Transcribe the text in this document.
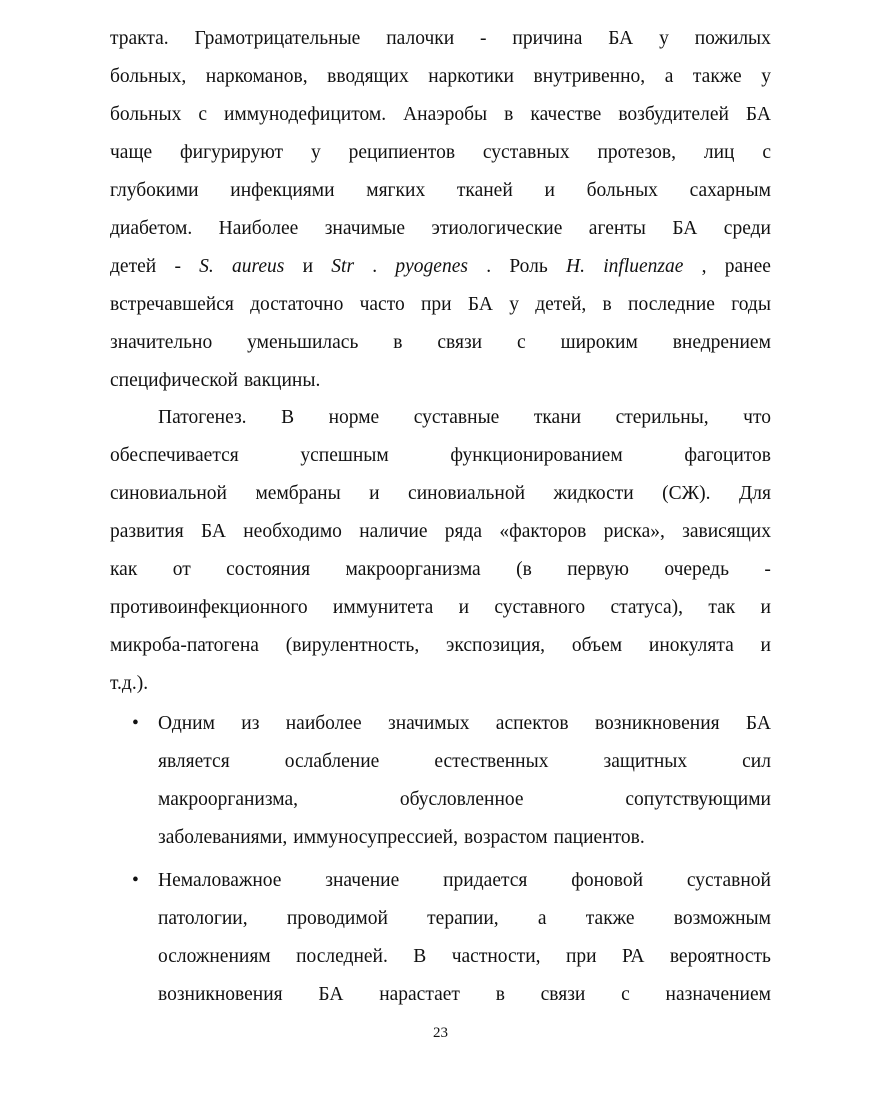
тракта. Грамотрицательные палочки - причина БА у пожилых
больных, наркоманов, вводящих наркотики внутривенно, а также у
больных с иммунодефицитом. Анаэробы в качестве возбудителей БА
чаще фигурируют у реципиентов суставных протезов, лиц с
глубокими инфекциями мягких тканей и больных сахарным
диабетом. Наиболее значимые этиологические агенты БА среди
детей - S. aureus и Str . pyogenes . Роль H. influenzae , ранее
встречавшейся достаточно часто при БА у детей, в последние годы
значительно уменьшилась в связи с широким внедрением
специфической вакцины.
Патогенез. В норме суставные ткани стерильны, что
обеспечивается	успешным	функционированием	фагоцитов
синовиальной мембраны и синовиальной жидкости (СЖ). Для
развития БА необходимо наличие ряда «факторов риска», зависящих
как от состояния макроорганизма (в первую очередь -
противоинфекционного иммунитета и суставного статуса), так и
микроба-патогена (вирулентность, экспозиция, объем инокулята и
т.д.).
• Одним из наиболее значимых аспектов возникновения БА
является	ослабление	естественных	защитных	сил
макроорганизма,	обусловленное	сопутствующими
заболеваниями, иммуносупрессией, возрастом пациентов.
• Немаловажное значение придается фоновой суставной
патологии, проводимой терапии, а также возможным
осложнениям последней. В частности, при РА вероятность
возникновения БА нарастает в связи с назначением
23
